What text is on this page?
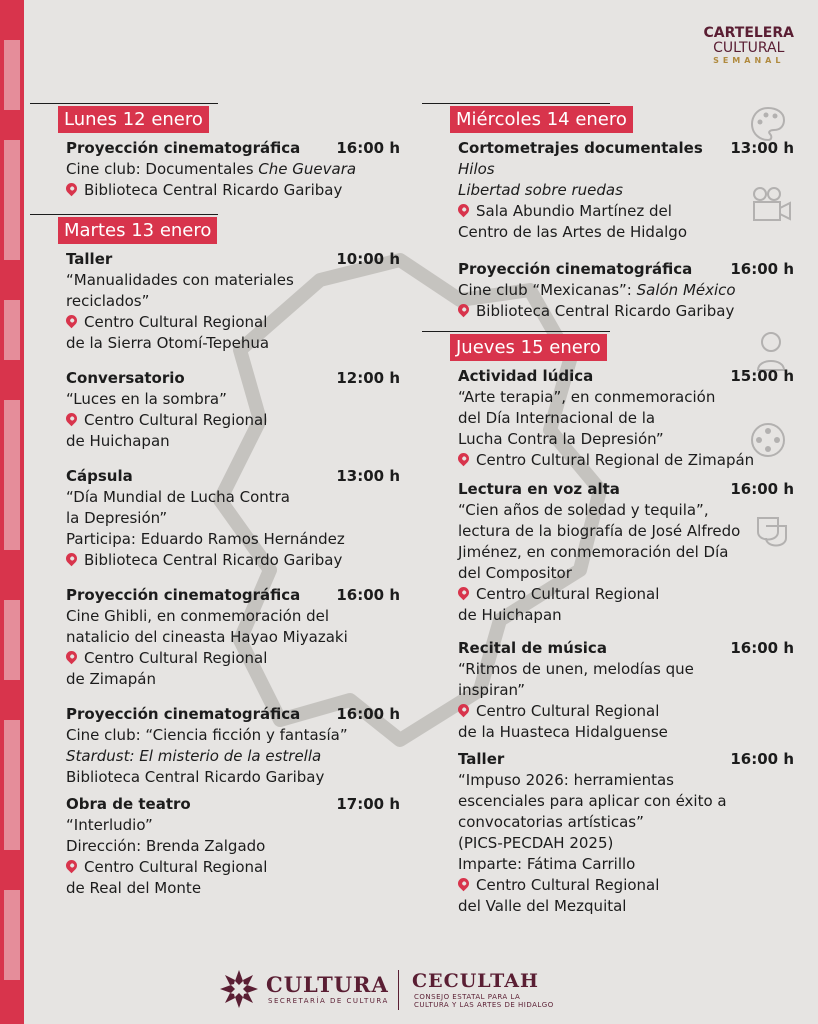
CARTELERA
CULTURAL
SEMANAL
Lunes 12 enero
Proyección cinematográfica 16:00 h
Cine club: Documentales Che Guevara
Biblioteca Central Ricardo Garibay
Martes 13 enero
Taller	10:00 h
“Manualidades con materiales
reciclados”
Centro Cultural Regional
de la Sierra Otomí-Tepehua
Conversatorio	12:00 h
“Luces en la sombra”
Centro Cultural Regional
de Huichapan
Cápsula	13:00 h
“Día Mundial de Lucha Contra
la Depresión”
Participa: Eduardo Ramos Hernández
Biblioteca Central Ricardo Garibay
Proyección cinematográfica 16:00 h
Cine Ghibli, en conmemoración del
natalicio del cineasta Hayao Miyazaki
Centro Cultural Regional
de Zimapán
Proyección cinematográfica 16:00 h
Cine club: “Ciencia ficción y fantasía”
Stardust: El misterio de la estrella
Biblioteca Central Ricardo Garibay
Obra de teatro	17:00 h
“Interludio”
Dirección: Brenda Zalgado
Centro Cultural Regional
de Real del Monte
Miércoles 14 enero
Cortometrajes documentales 13:00 h
Hilos
Libertad sobre ruedas
Sala Abundio Martínez del
Centro de las Artes de Hidalgo
Proyección cinematográfica	16:00 h
Cine club “Mexicanas”: Salón México
Biblioteca Central Ricardo Garibay
Jueves 15 enero
Actividad lúdica	15:00 h
“Arte terapia”, en conmemoración
del Día Internacional de la
Lucha Contra la Depresión”
Centro Cultural Regional de Zimapán
Lectura en voz alta	16:00 h
“Cien años de soledad y tequila”,
lectura de la biografía de José Alfredo
Jiménez, en conmemoración del Día
del Compositor
Centro Cultural Regional
de Huichapan
Recital de música	16:00 h
“Ritmos de unen, melodías que
inspiran”
Centro Cultural Regional
de la Huasteca Hidalguense
Taller	16:00 h
“Impuso 2026: herramientas
escenciales para aplicar con éxito a
convocatorias artísticas”
(PICS-PECDAH 2025)
Imparte: Fátima Carrillo
Centro Cultural Regional
del Valle del Mezquital
CULTURA
SECRETARÍA DE CULTURA
CECULTAH
CONSEJO ESTATAL PARA LA
CULTURA Y LAS ARTES DE HIDALGO
